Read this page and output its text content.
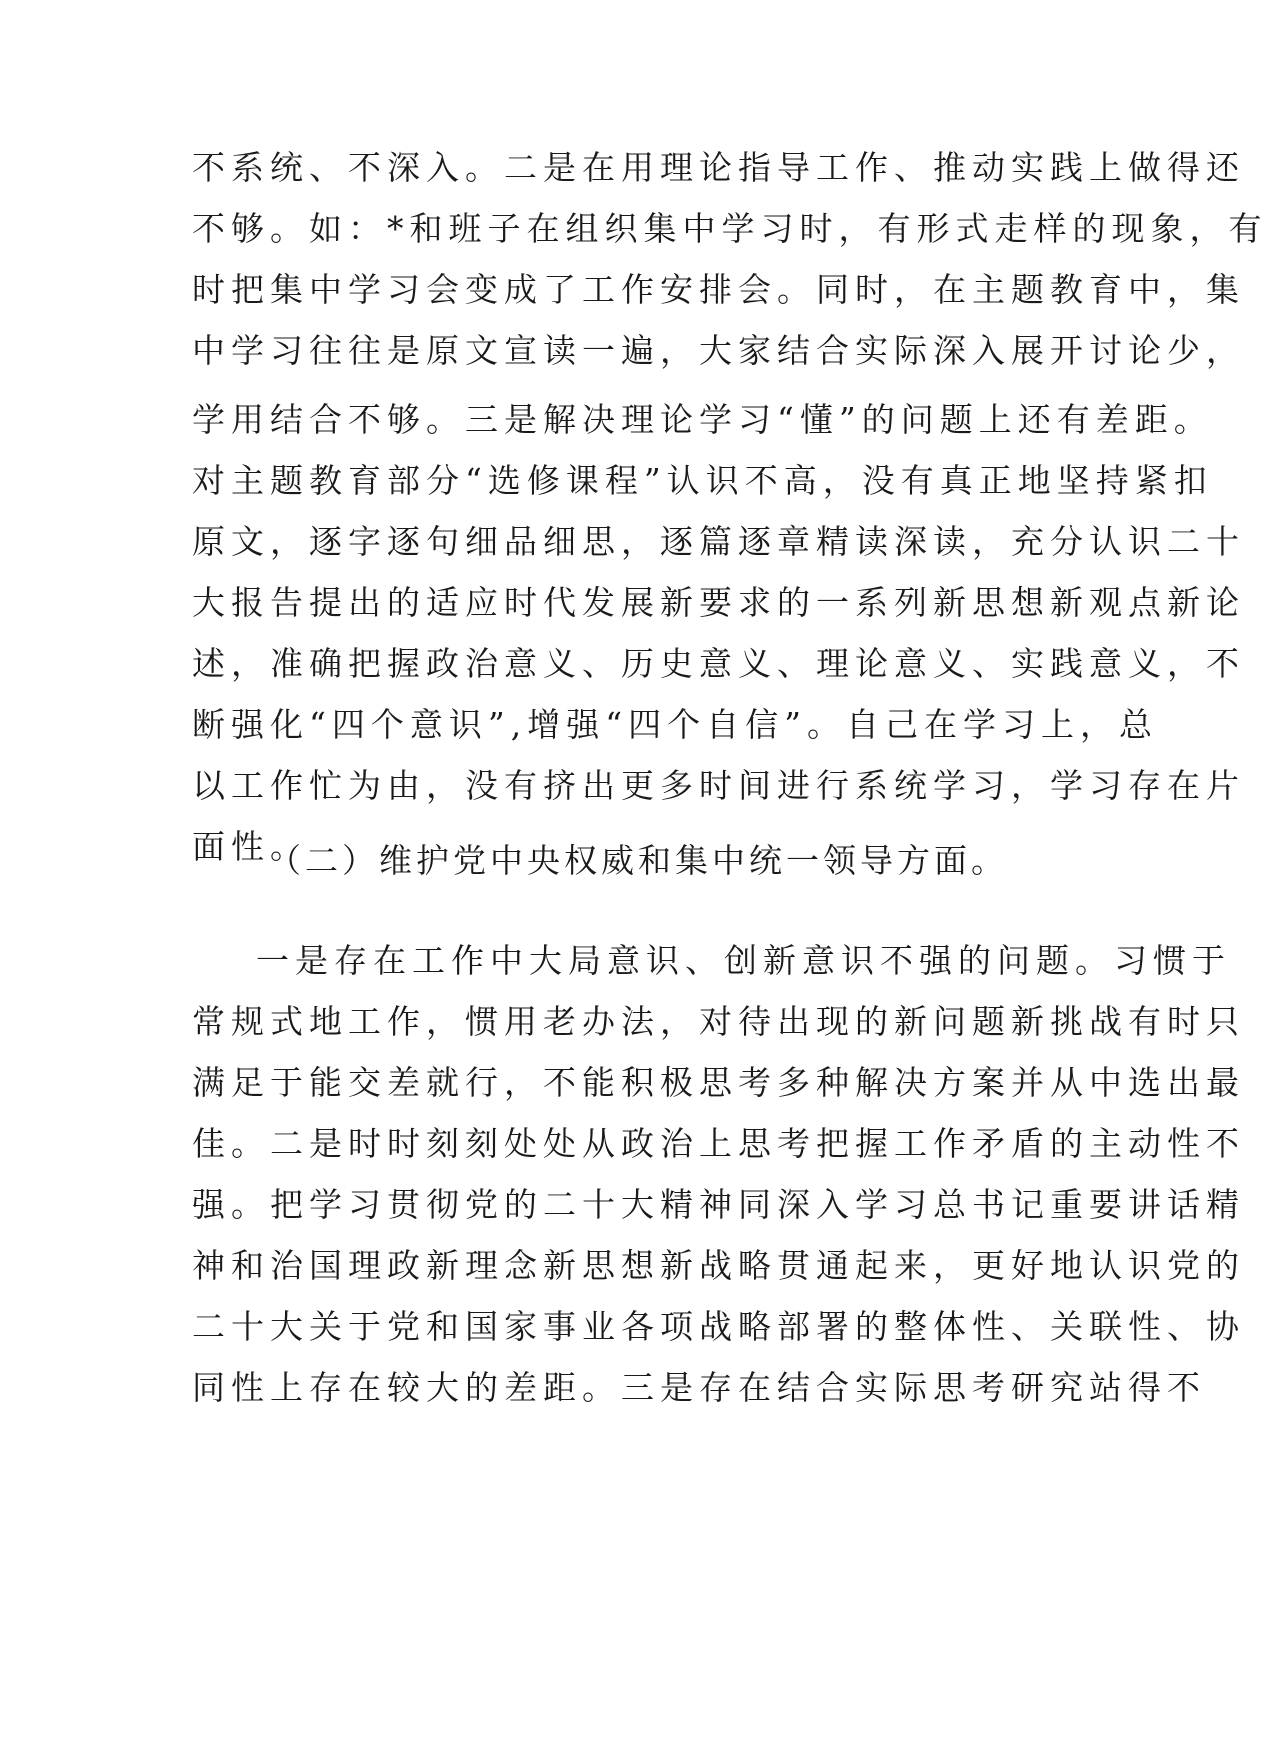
不系统、不深入。二是在用理论指导工作、推动实践上做得还
不够。如：*和班子在组织集中学习时，有形式走样的现象，有
时把集中学习会变成了工作安排会。同时，在主题教育中，集
中学习往往是原文宣读一遍，大家结合实际深入展开讨论少，
学用结合不够。三是解决理论学习“懂”的问题上还有差距。
对主题教育部分“选修课程”认识不高，没有真正地坚持紧扣
原文，逐字逐句细品细思，逐篇逐章精读深读，充分认识二十
大报告提出的适应时代发展新要求的一系列新思想新观点新论
述，准确把握政治意义、历史意义、理论意义、实践意义，不
断强化“四个意识”,增强“四个自信”。自己在学习上，总
以工作忙为由，没有挤出更多时间进行系统学习，学习存在片
面性。
（二）维护党中央权威和集中统一领导方面。
一是存在工作中大局意识、创新意识不强的问题。习惯于
常规式地工作，惯用老办法，对待出现的新问题新挑战有时只
满足于能交差就行，不能积极思考多种解决方案并从中选出最
佳。二是时时刻刻处处从政治上思考把握工作矛盾的主动性不
强。把学习贯彻党的二十大精神同深入学习总书记重要讲话精
神和治国理政新理念新思想新战略贯通起来，更好地认识党的
二十大关于党和国家事业各项战略部署的整体性、关联性、协
同性上存在较大的差距。三是存在结合实际思考研究站得不
